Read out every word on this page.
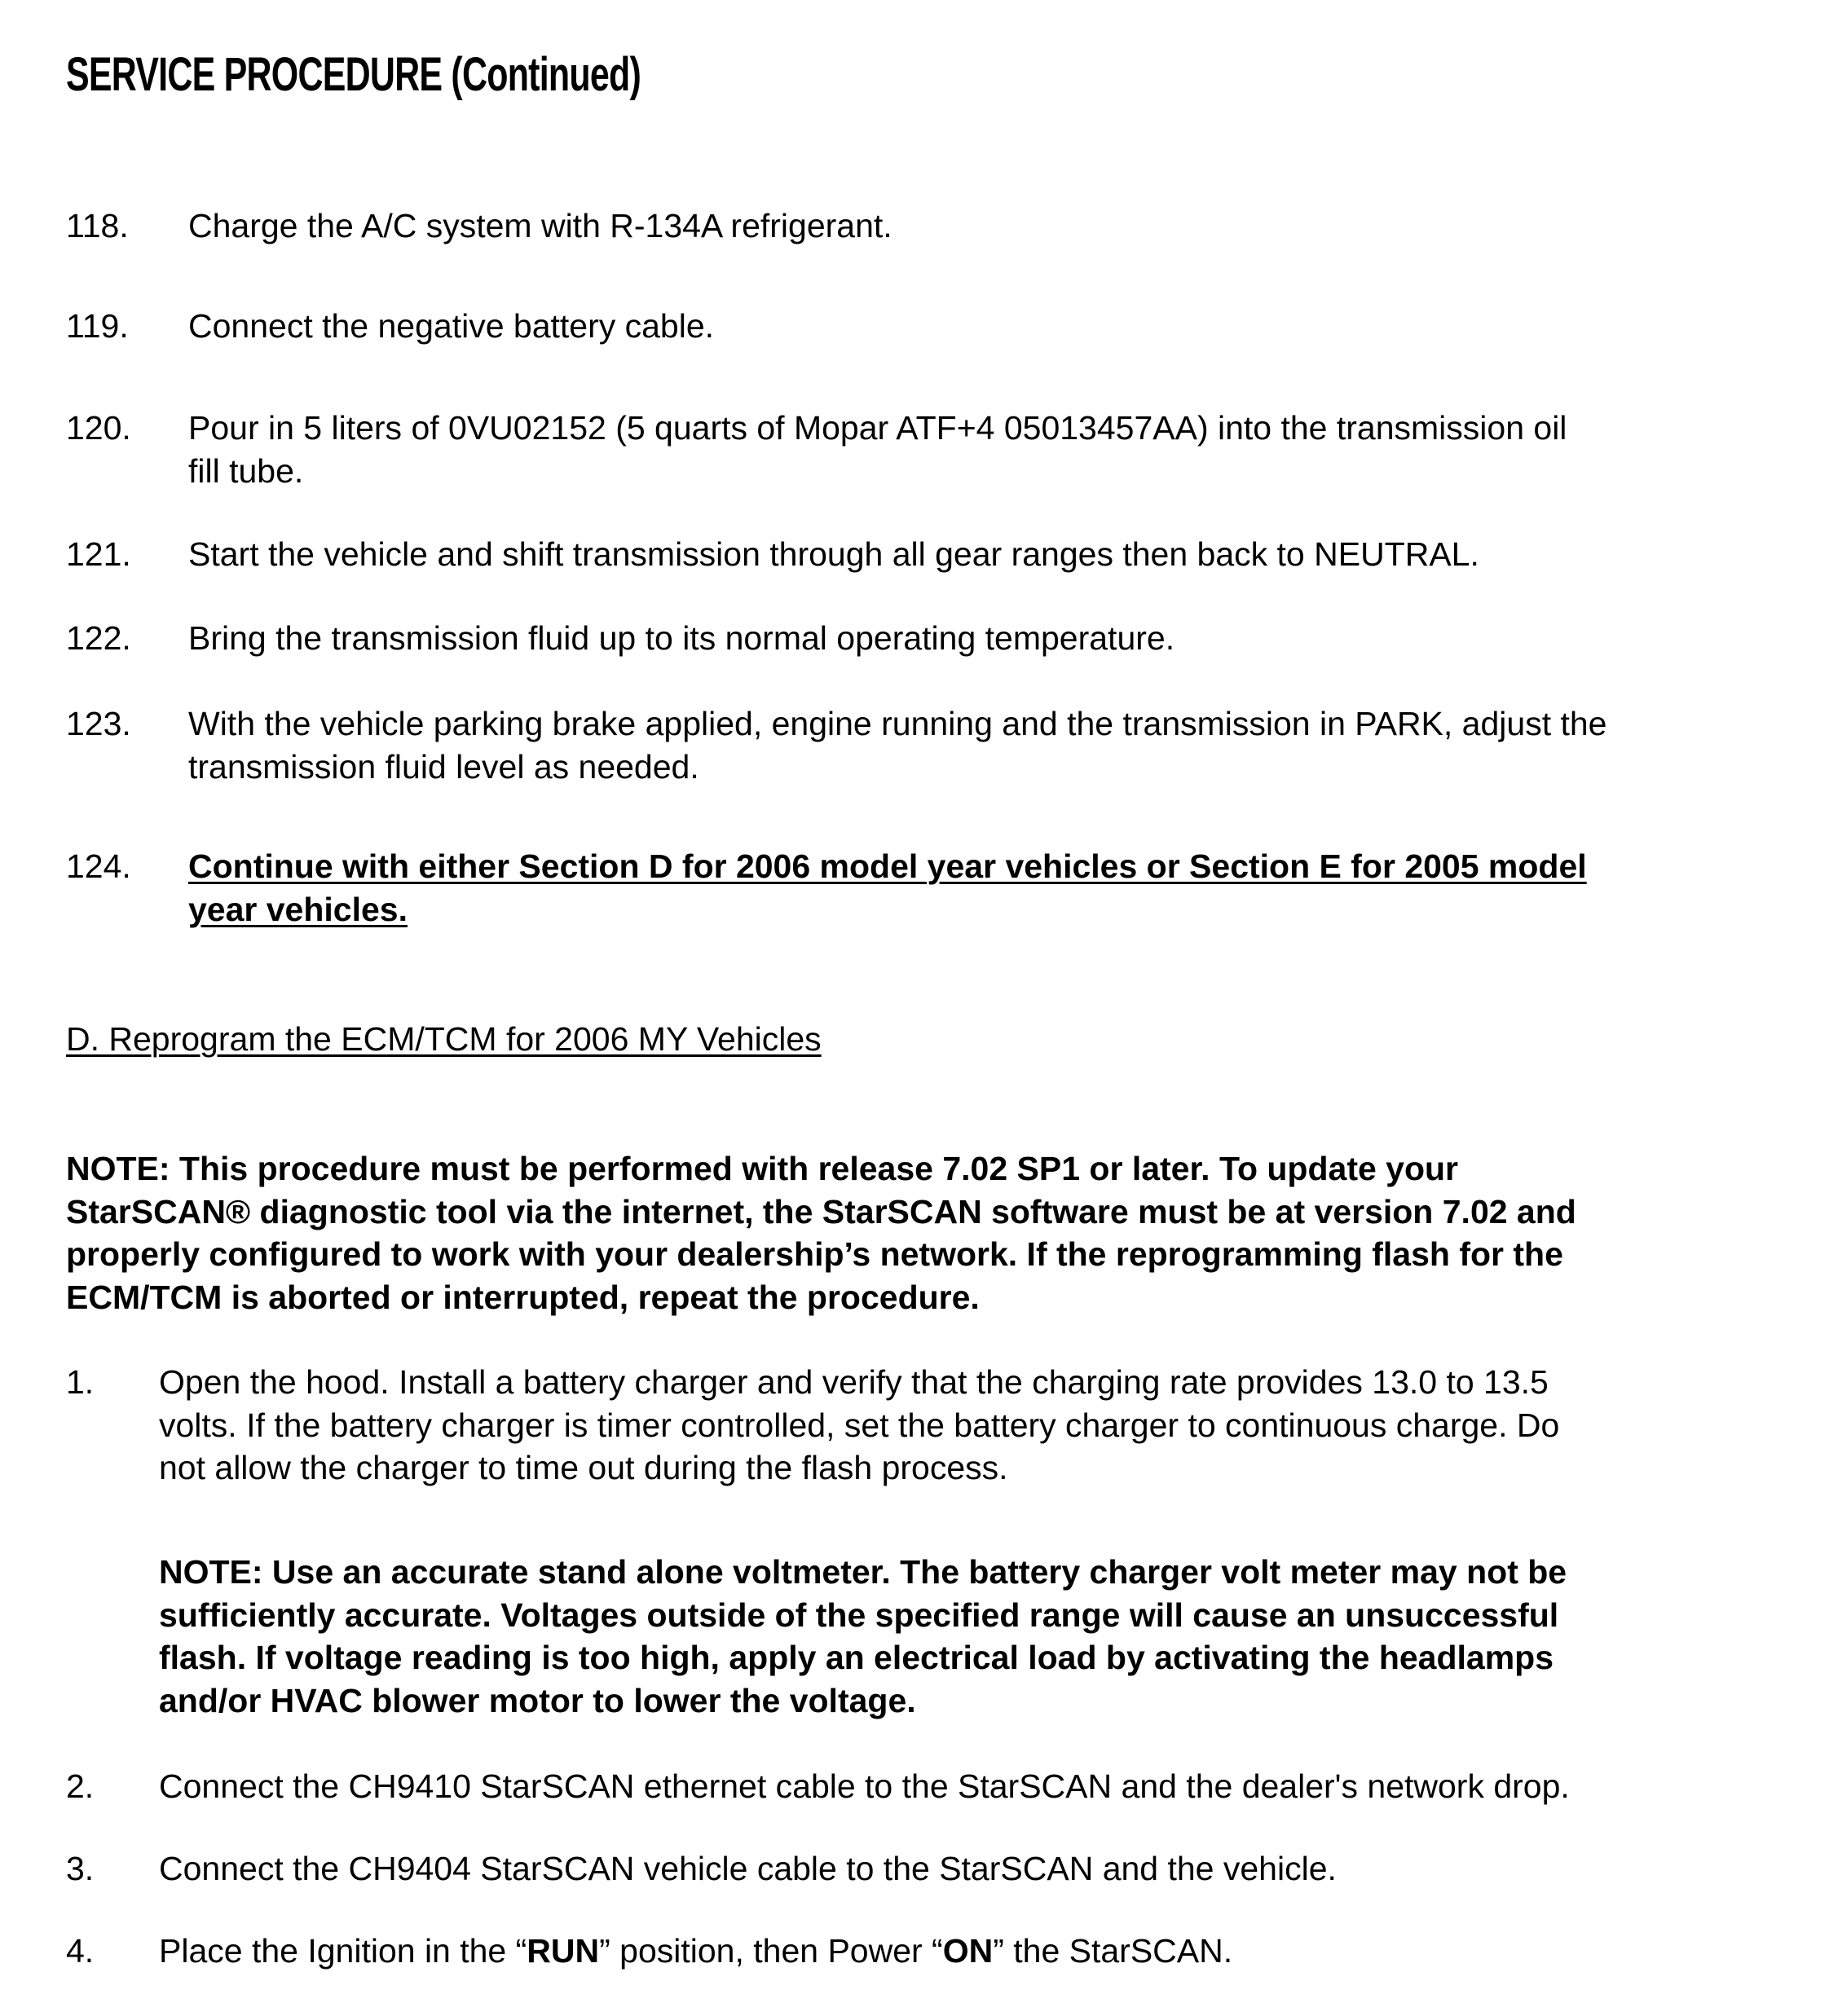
SERVICE PROCEDURE (Continued)
118. Charge the A/C system with R-134A refrigerant.
119. Connect the negative battery cable.
120. Pour in 5 liters of 0VU02152 (5 quarts of Mopar ATF+4 05013457AA) into the transmission oil
fill tube.
121. Start the vehicle and shift transmission through all gear ranges then back to NEUTRAL.
122. Bring the transmission fluid up to its normal operating temperature.
123. With the vehicle parking brake applied, engine running and the transmission in PARK, adjust the
transmission fluid level as needed.
124. Continue with either Section D for 2006 model year vehicles or Section E for 2005 model
year vehicles.
D. Reprogram the ECM/TCM for 2006 MY Vehicles
NOTE: This procedure must be performed with release 7.02 SP1 or later. To update your
StarSCAN® diagnostic tool via the internet, the StarSCAN software must be at version 7.02 and
properly configured to work with your dealership’s network. If the reprogramming flash for the
ECM/TCM is aborted or interrupted, repeat the procedure.
1. Open the hood. Install a battery charger and verify that the charging rate provides 13.0 to 13.5
volts. If the battery charger is timer controlled, set the battery charger to continuous charge. Do
not allow the charger to time out during the flash process.
NOTE: Use an accurate stand alone voltmeter. The battery charger volt meter may not be
sufficiently accurate. Voltages outside of the specified range will cause an unsuccessful
flash. If voltage reading is too high, apply an electrical load by activating the headlamps
and/or HVAC blower motor to lower the voltage.
2. Connect the CH9410 StarSCAN ethernet cable to the StarSCAN and the dealer's network drop.
3. Connect the CH9404 StarSCAN vehicle cable to the StarSCAN and the vehicle.
4. Place the Ignition in the “RUN” position, then Power “ON” the StarSCAN.
